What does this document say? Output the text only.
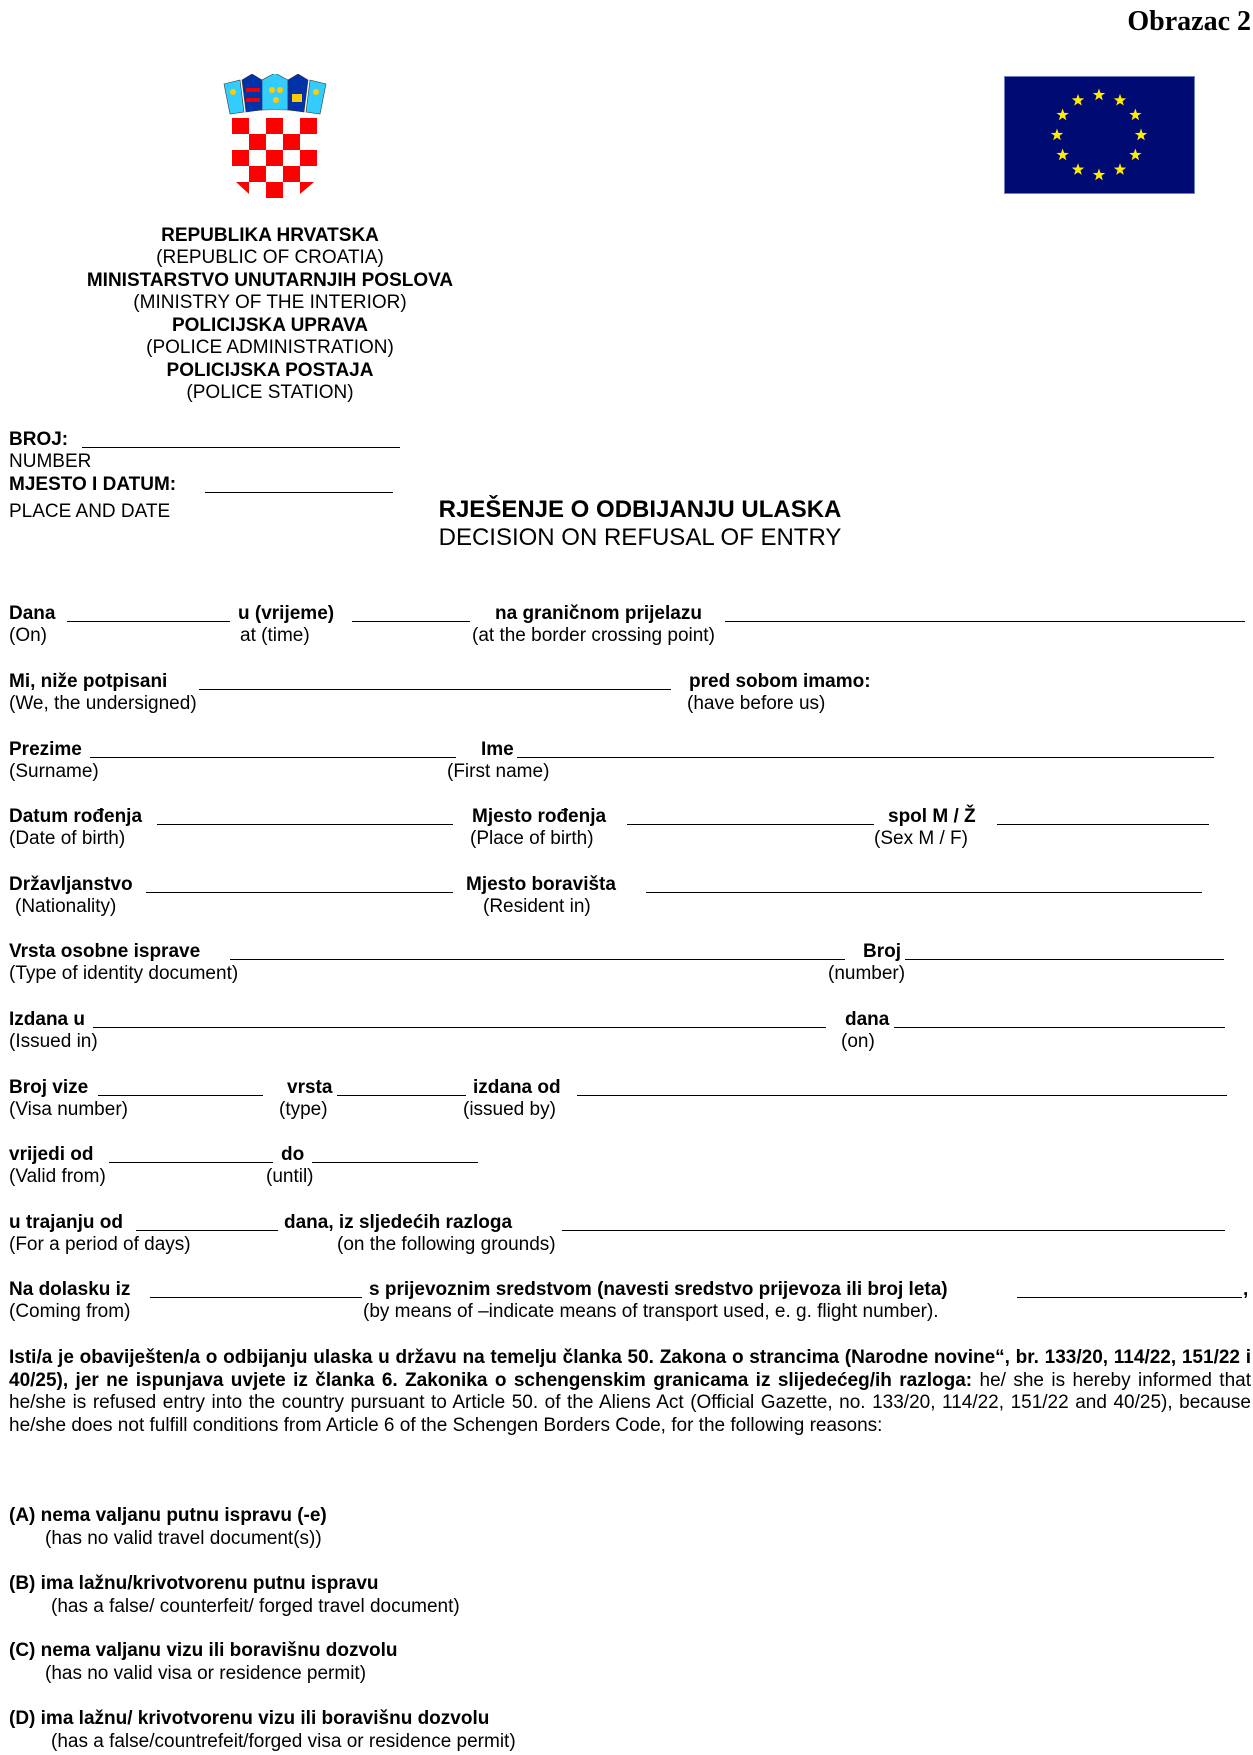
Obrazac 2
REPUBLIKA HRVATSKA
(REPUBLIC OF CROATIA)
MINISTARSTVO UNUTARNJIH POSLOVA
(MINISTRY OF THE INTERIOR)
POLICIJSKA UPRAVA
(POLICE ADMINISTRATION)
POLICIJSKA POSTAJA
(POLICE STATION)
BROJ:
NUMBER
MJESTO I DATUM:
PLACE AND DATE	RJEŠENJE O ODBIJANJU ULASKA
DECISION ON REFUSAL OF ENTRY
Dana
(On)
u (vrijeme)
at (time)
na graničnom prijelazu
(at the border crossing point)
Mi, niže potpisani
(We, the undersigned)
pred sobom imamo:
(have before us)
Prezime
(Surname)
Ime
(First name)
Datum rođenja
(Date of birth)
Mjesto rođenja
(Place of birth)
spol M / Ž
(Sex M / F)
Državljanstvo
(Nationality)
Mjesto boravišta
(Resident in)
Vrsta osobne isprave
(Type of identity document)
Broj
(number)
Izdana u
(Issued in)
dana
(on)
Broj vize
(Visa number)
vrsta
(type)
izdana od
(issued by)
vrijedi od
(Valid from)
do
(until)
u trajanju od
(For a period of days)
dana, iz sljedećih razloga
(on the following grounds)
Na dolasku iz
(Coming from)
s prijevoznim sredstvom (navesti sredstvo prijevoza ili broj leta)
(by means of –indicate means of transport used, e. g. flight number).
,
Isti/a je obaviješten/a o odbijanju ulaska u državu na temelju članka 50. Zakona o strancima (Narodne novine“, br. 133/20, 114/22, 151/22 i 40/25), jer ne ispunjava uvjete iz članka 6. Zakonika o schengenskim granicama iz slijedećeg/ih razloga: he/ she is hereby informed that he/she is refused entry into the country pursuant to Article 50. of the Aliens Act (Official Gazette, no. 133/20, 114/22, 151/22 and 40/25), because he/she does not fulfill conditions from Article 6 of the Schengen Borders Code, for the following reasons:
(A) nema valjanu putnu ispravu (-e)
(has no valid travel document(s))
(B) ima lažnu/krivotvorenu putnu ispravu
(has a false/ counterfeit/ forged travel document)
(C) nema valjanu vizu ili boravišnu dozvolu
(has no valid visa or residence permit)
(D) ima lažnu/ krivotvorenu vizu ili boravišnu dozvolu
(has a false/countrefeit/forged visa or residence permit)
